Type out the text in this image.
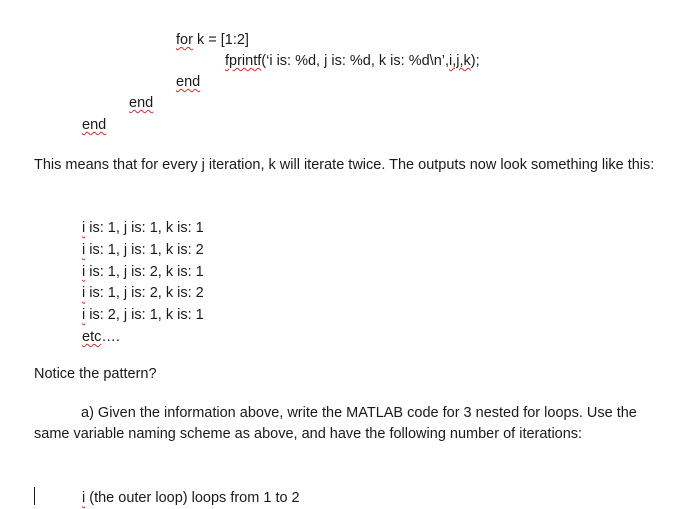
for k = [1:2]
fprintf(‘i is: %d, j is: %d, k is: %d\n’,i,j,k);
end
end
end
This means that for every j iteration, k will iterate twice. The outputs now look something like this:
i is: 1, j is: 1, k is: 1
i is: 1, j is: 1, k is: 2
i is: 1, j is: 2, k is: 1
i is: 1, j is: 2, k is: 2
i is: 2, j is: 1, k is: 1
etc….
Notice the pattern?
a) Given the information above, write the MATLAB code for 3 nested for loops. Use the same variable naming scheme as above, and have the following number of iterations:
i (the outer loop) loops from 1 to 2
